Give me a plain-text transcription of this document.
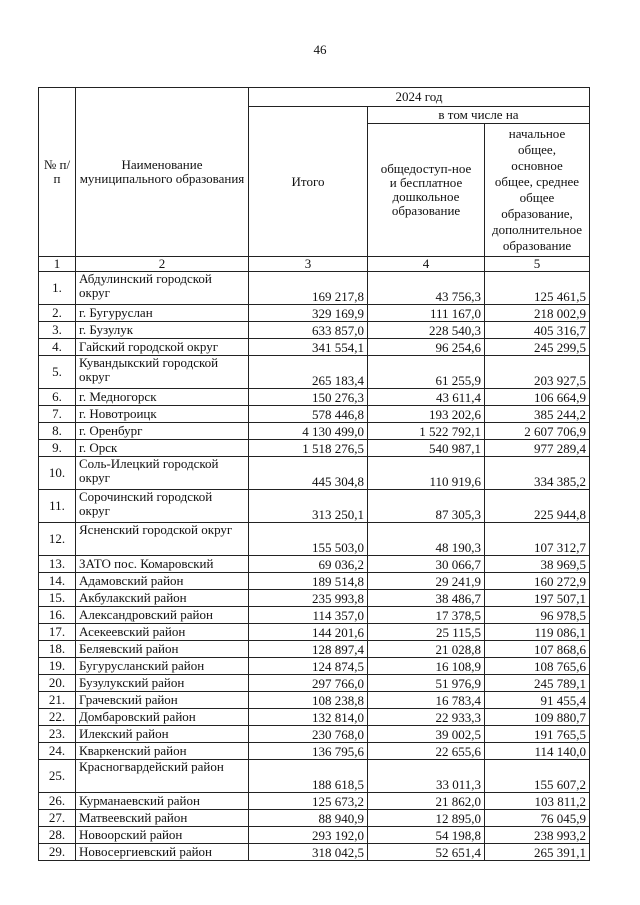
46
№ п/п	Наименование муниципального образования	2024 год		
		Итого	в том числе на	
			общедоступ-ное и бесплатное дошкольное образование	начальное общее, основное общее, среднее общее образование, дополнительное образование
1	2	3	4	5
1.	Абдулинский городской округ	169 217,8	43 756,3	125 461,5
2.	г. Бугуруслан	329 169,9	111 167,0	218 002,9
3.	г. Бузулук	633 857,0	228 540,3	405 316,7
4.	Гайский городской округ	341 554,1	96 254,6	245 299,5
5.	Кувандыкский городской округ	265 183,4	61 255,9	203 927,5
6.	г. Медногорск	150 276,3	43 611,4	106 664,9
7.	г. Новотроицк	578 446,8	193 202,6	385 244,2
8.	г. Оренбург	4 130 499,0	1 522 792,1	2 607 706,9
9.	г. Орск	1 518 276,5	540 987,1	977 289,4
10.	Соль-Илецкий городской округ	445 304,8	110 919,6	334 385,2
11.	Сорочинский городской округ	313 250,1	87 305,3	225 944,8
12.	Ясненский городской округ	155 503,0	48 190,3	107 312,7
13.	ЗАТО пос. Комаровский	69 036,2	30 066,7	38 969,5
14.	Адамовский район	189 514,8	29 241,9	160 272,9
15.	Акбулакский район	235 993,8	38 486,7	197 507,1
16.	Александровский район	114 357,0	17 378,5	96 978,5
17.	Асекеевский район	144 201,6	25 115,5	119 086,1
18.	Беляевский район	128 897,4	21 028,8	107 868,6
19.	Бугурусланский район	124 874,5	16 108,9	108 765,6
20.	Бузулукский район	297 766,0	51 976,9	245 789,1
21.	Грачевский район	108 238,8	16 783,4	91 455,4
22.	Домбаровский район	132 814,0	22 933,3	109 880,7
23.	Илекский район	230 768,0	39 002,5	191 765,5
24.	Кваркенский район	136 795,6	22 655,6	114 140,0
25.	Красногвардейский район	188 618,5	33 011,3	155 607,2
26.	Курманаевский район	125 673,2	21 862,0	103 811,2
27.	Матвеевский район	88 940,9	12 895,0	76 045,9
28.	Новоорский район	293 192,0	54 198,8	238 993,2
29.	Новосергиевский район	318 042,5	52 651,4	265 391,1
